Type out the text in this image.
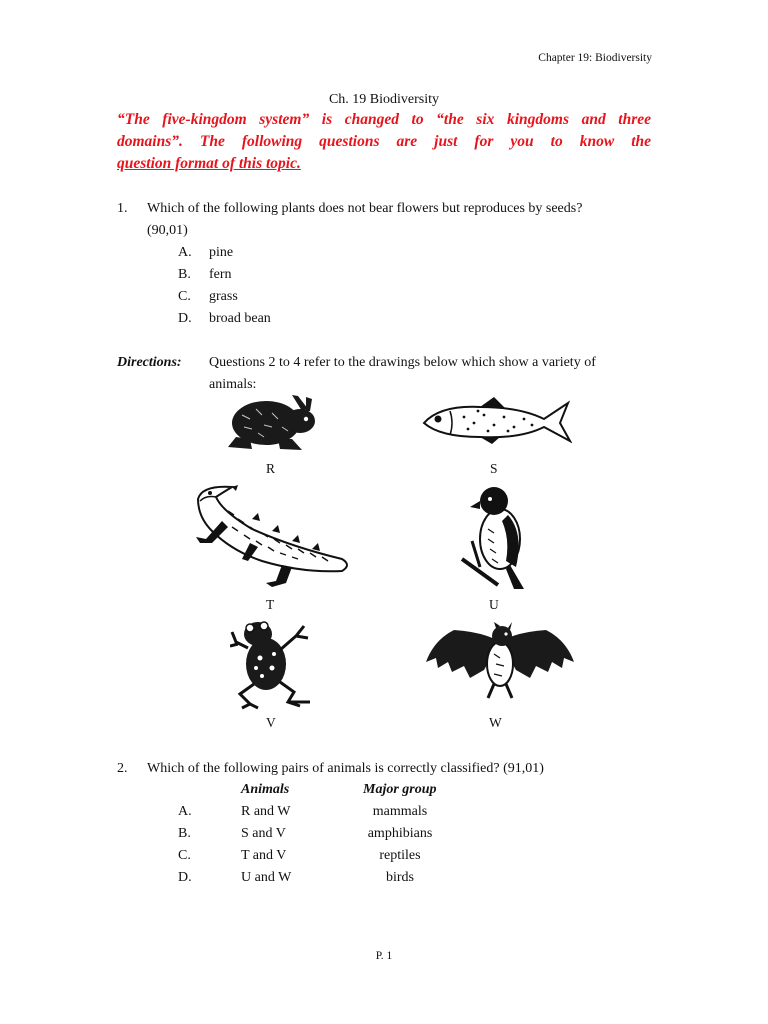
Chapter 19: Biodiversity
Ch. 19 Biodiversity
“The five-kingdom system” is changed to “the six kingdoms and three
domains”. The following questions are just for you to know the
question format of this topic.
1. Which of the following plants does not bear flowers but reproduces by seeds?
(90,01)
A. pine
B. fern
C. grass
D. broad bean
Directions: Questions 2 to 4 refer to the drawings below which show a variety of
animals:
R	S
T	U
V	W
2. Which of the following pairs of animals is correctly classified? (91,01)
Animals	Major group
A.	R and W	mammals
B.	S and V	amphibians
C.	T and V	reptiles
D.	U and W	birds
P. 1
